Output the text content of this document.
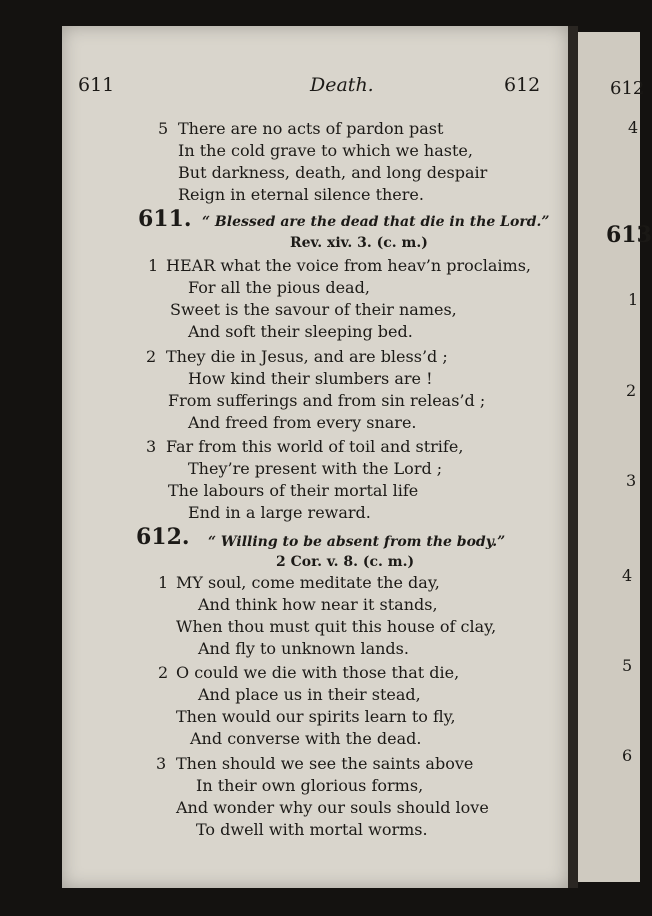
611	Death.	612
5 There are no acts of pardon past
In the cold grave to which we haste,
But darkness, death, and long despair
Reign in eternal silence there.
611. “ Blessed are the dead that die in the Lord.”
Rev. xiv. 3. (c. m.)
1 HEAR what the voice from heav’n proclaims,
For all the pious dead,
Sweet is the savour of their names,
And soft their sleeping bed.
2 They die in Jesus, and are bless’d ;
How kind their slumbers are !
From sufferings and from sin releas’d ;
And freed from every snare.
3 Far from this world of toil and strife,
They’re present with the Lord ;
The labours of their mortal life
End in a large reward.
612. “ Willing to be absent from the body.”
2 Cor. v. 8. (c. m.)
1 MY soul, come meditate the day,
And think how near it stands,
When thou must quit this house of clay,
And fly to unknown lands.
2 O could we die with those that die,
And place us in their stead,
Then would our spirits learn to fly,
And converse with the dead.
3 Then should we see the saints above
In their own glorious forms,
And wonder why our souls should love
To dwell with mortal worms.
612
4
613
1
2
3
4
5
6
